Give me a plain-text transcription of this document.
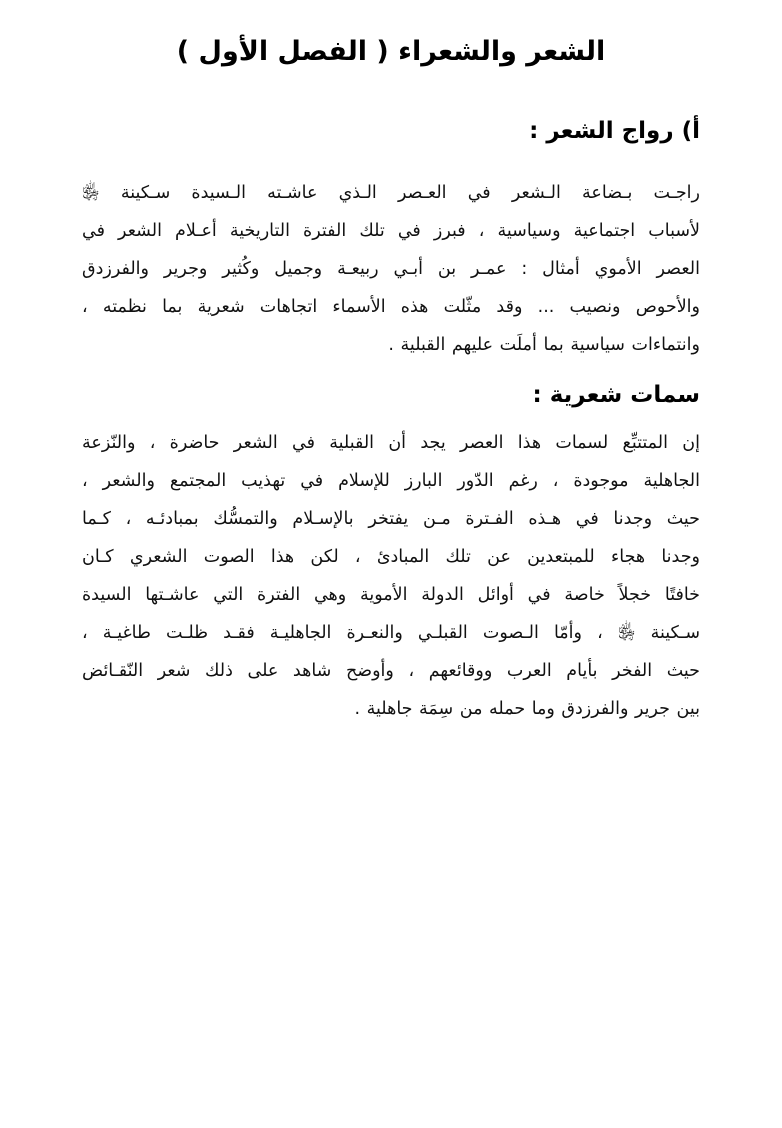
الشعر والشعراء ( الفصل الأول )
أ) رواج الشعر :
راجـت بـضاعة الـشعر في العـصر الـذي عاشـته الـسيدة سـكينة ﵂
لأسباب اجتماعية وسياسية ، فبرز في تلك الفترة التاريخية أعـلام الشعر في
العصر الأموي أمثال : عمـر بن أبـي ربيعـة وجميل وكُثير وجرير والفرزدق
والأحوص ونصيب ... وقد مثّلت هذه الأسماء اتجاهات شعرية بما نظمته ،
وانتماءات سياسية بما أملَت عليهم القبلية .
سمات شعرية :
إن المتتبِّع لسمات هذا العصر يجد أن القبلية في الشعر حاضرة ، والنّزعة
الجاهلية موجودة ، رغم الدّور البارز للإسلام في تهذيب المجتمع والشعر ،
حيث وجدنا في هـذه الفـترة مـن يفتخر بالإسـلام والتمسُّك بمبادئـه ، كـما
وجدنا هجاء للمبتعدين عن تلك المبادئ ، لكن هذا الصوت الشعري كـان
خافتًا خجلاً خاصة في أوائل الدولة الأموية وهي الفترة التي عاشـتها السيدة
سـكينة ﵂ ، وأمّا الـصوت القبلـي والنعـرة الجاهليـة فقـد ظلـت طاغيـة ،
حيث الفخر بأيام العرب ووقائعهم ، وأوضح شاهد على ذلك شعر النّقـائض
بين جرير والفرزدق وما حمله من سِمَة جاهلية .
